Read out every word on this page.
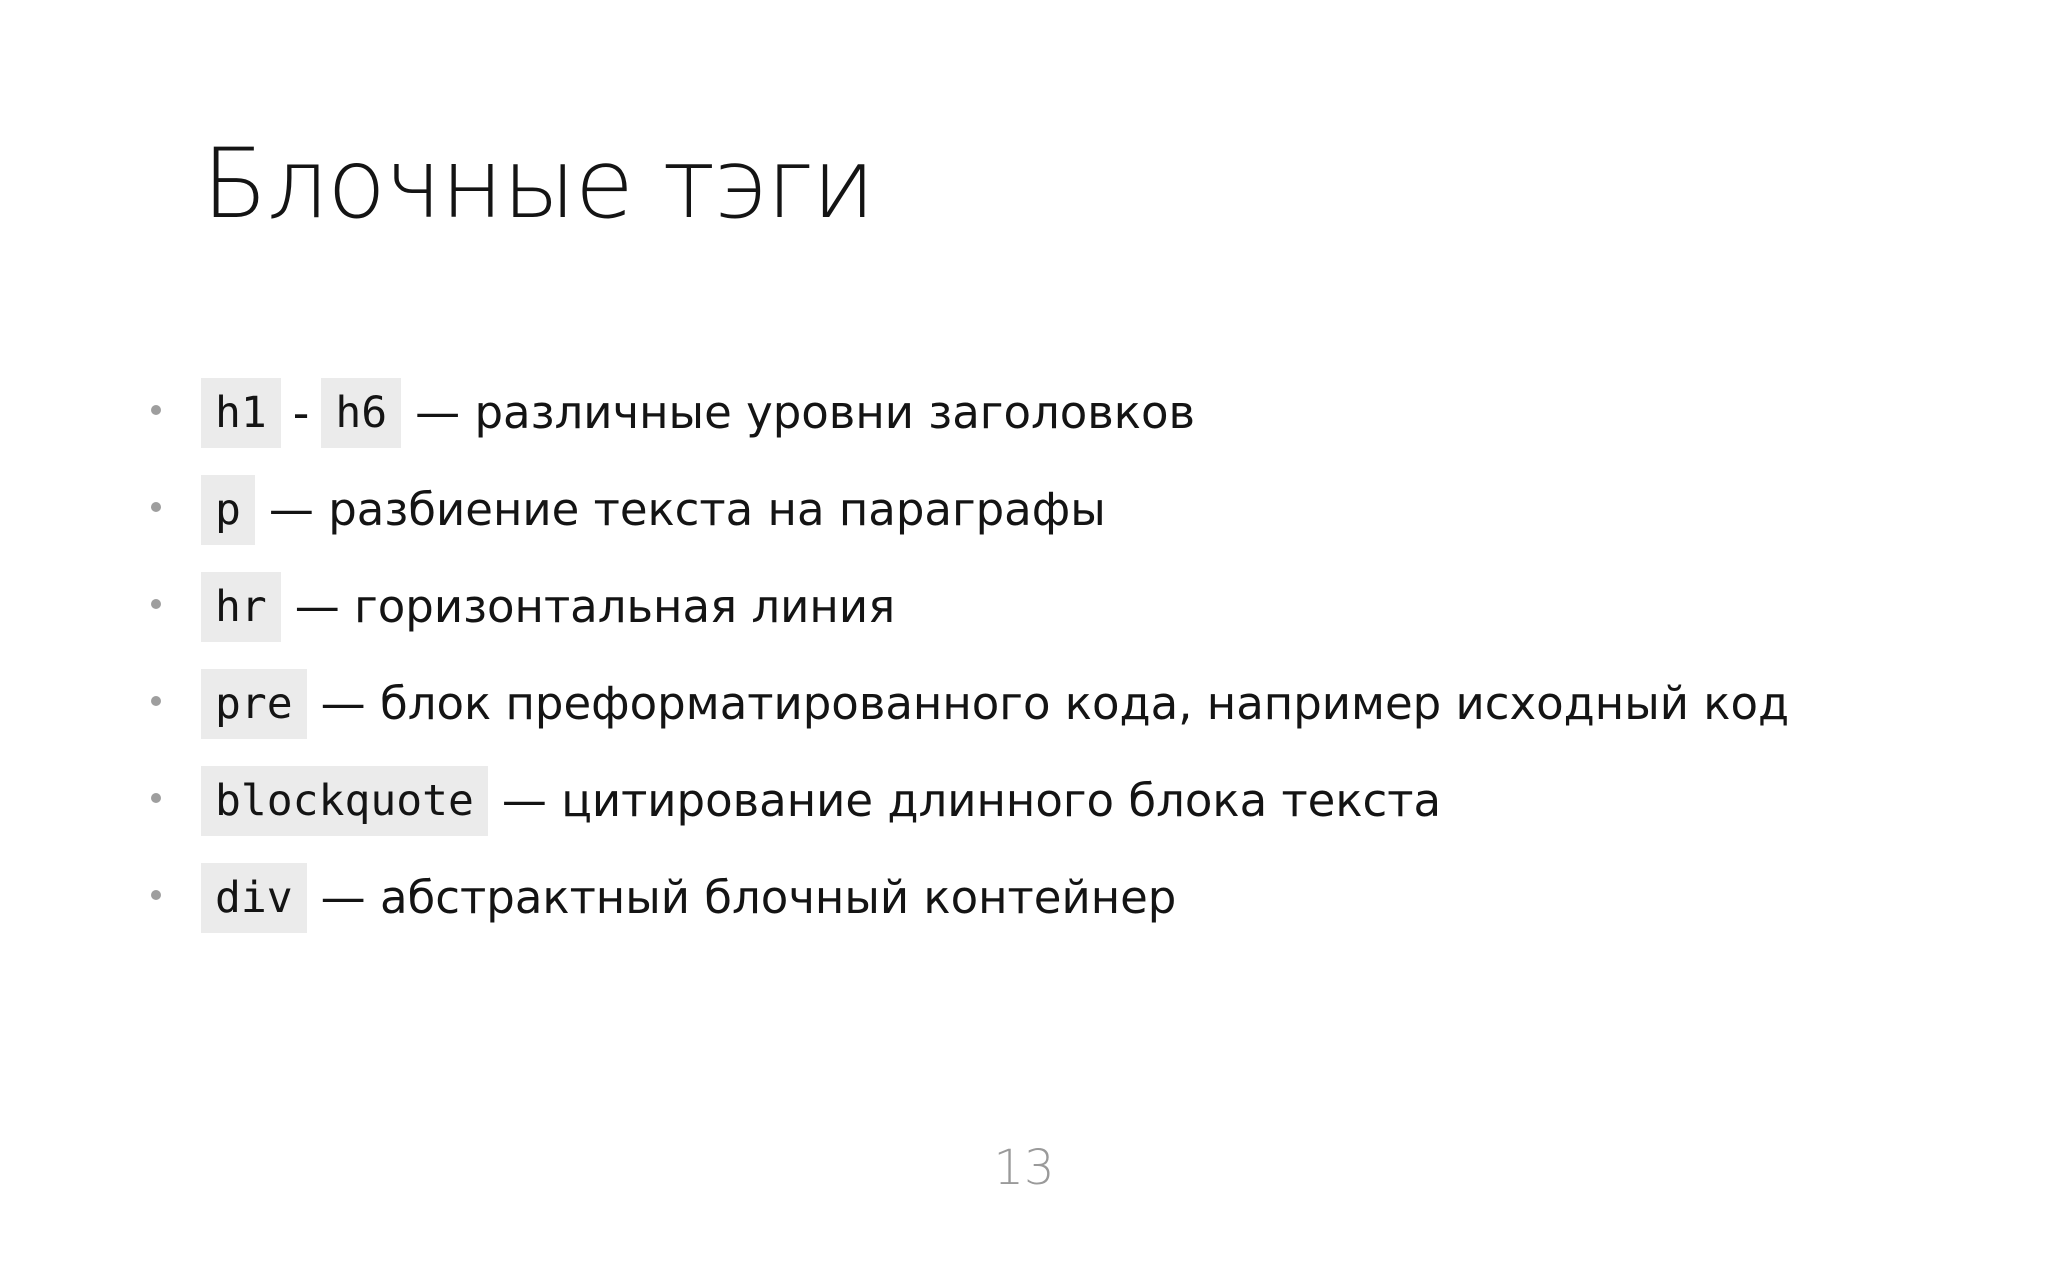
Блочные тэги
h1 - h6 — различные уровни заголовков
p — разбиение текста на параграфы
hr — горизонтальная линия
pre — блок преформатированного кода, например исходный код
blockquote — цитирование длинного блока текста
div — абстрактный блочный контейнер
13
